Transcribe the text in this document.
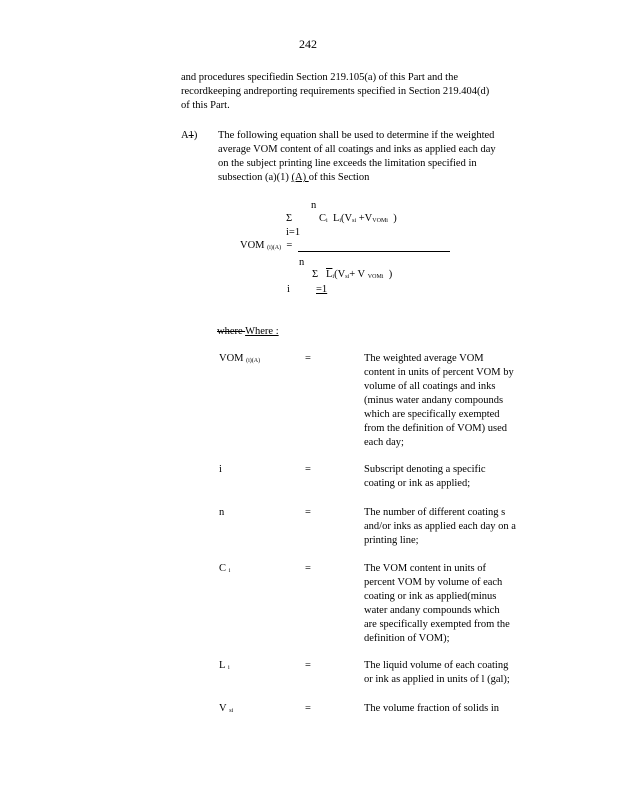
242
and procedures specifiedin Section 219.105(a) of this Part and the
recordkeeping andreporting requirements specified in Section 219.404(d)
of this Part.
A1) The following equation shall be used to determine if the weighted
average VOM content of all coatings and inks as applied each day
on the subject printing line exceeds the limitation specified in
subsection (a)(1) (A) of this Section
n
Σ	$C_i$ $L_i(V_{si} +V_{VOMi}$ )
i=1
VOM $_{(i)(A)}$ =
n
Σ $\overline{L}_i(V_{si}+ V$ $_{VOMi}$ )
i =1
where Where :
VOM $_{(i)(A)}$	=	The weighted average VOM
content in units of percent VOM by
volume of all coatings and inks
(minus water andany compounds
which are specifically exempted
from the definition of VOM) used
each day;
i	=	Subscript denoting a specific
coating or ink as applied;
n	=	The number of different coating s
and/or inks as applied each day on a
printing line;
C $_i$	=	The VOM content in units of
percent VOM by volume of each
coating or ink as applied(minus
water andany compounds which
are specifically exempted from the
definition of VOM);
L $_i$	=	The liquid volume of each coating
or ink as applied in units of l (gal);
V $_{si}$	=	The volume fraction of solids in
